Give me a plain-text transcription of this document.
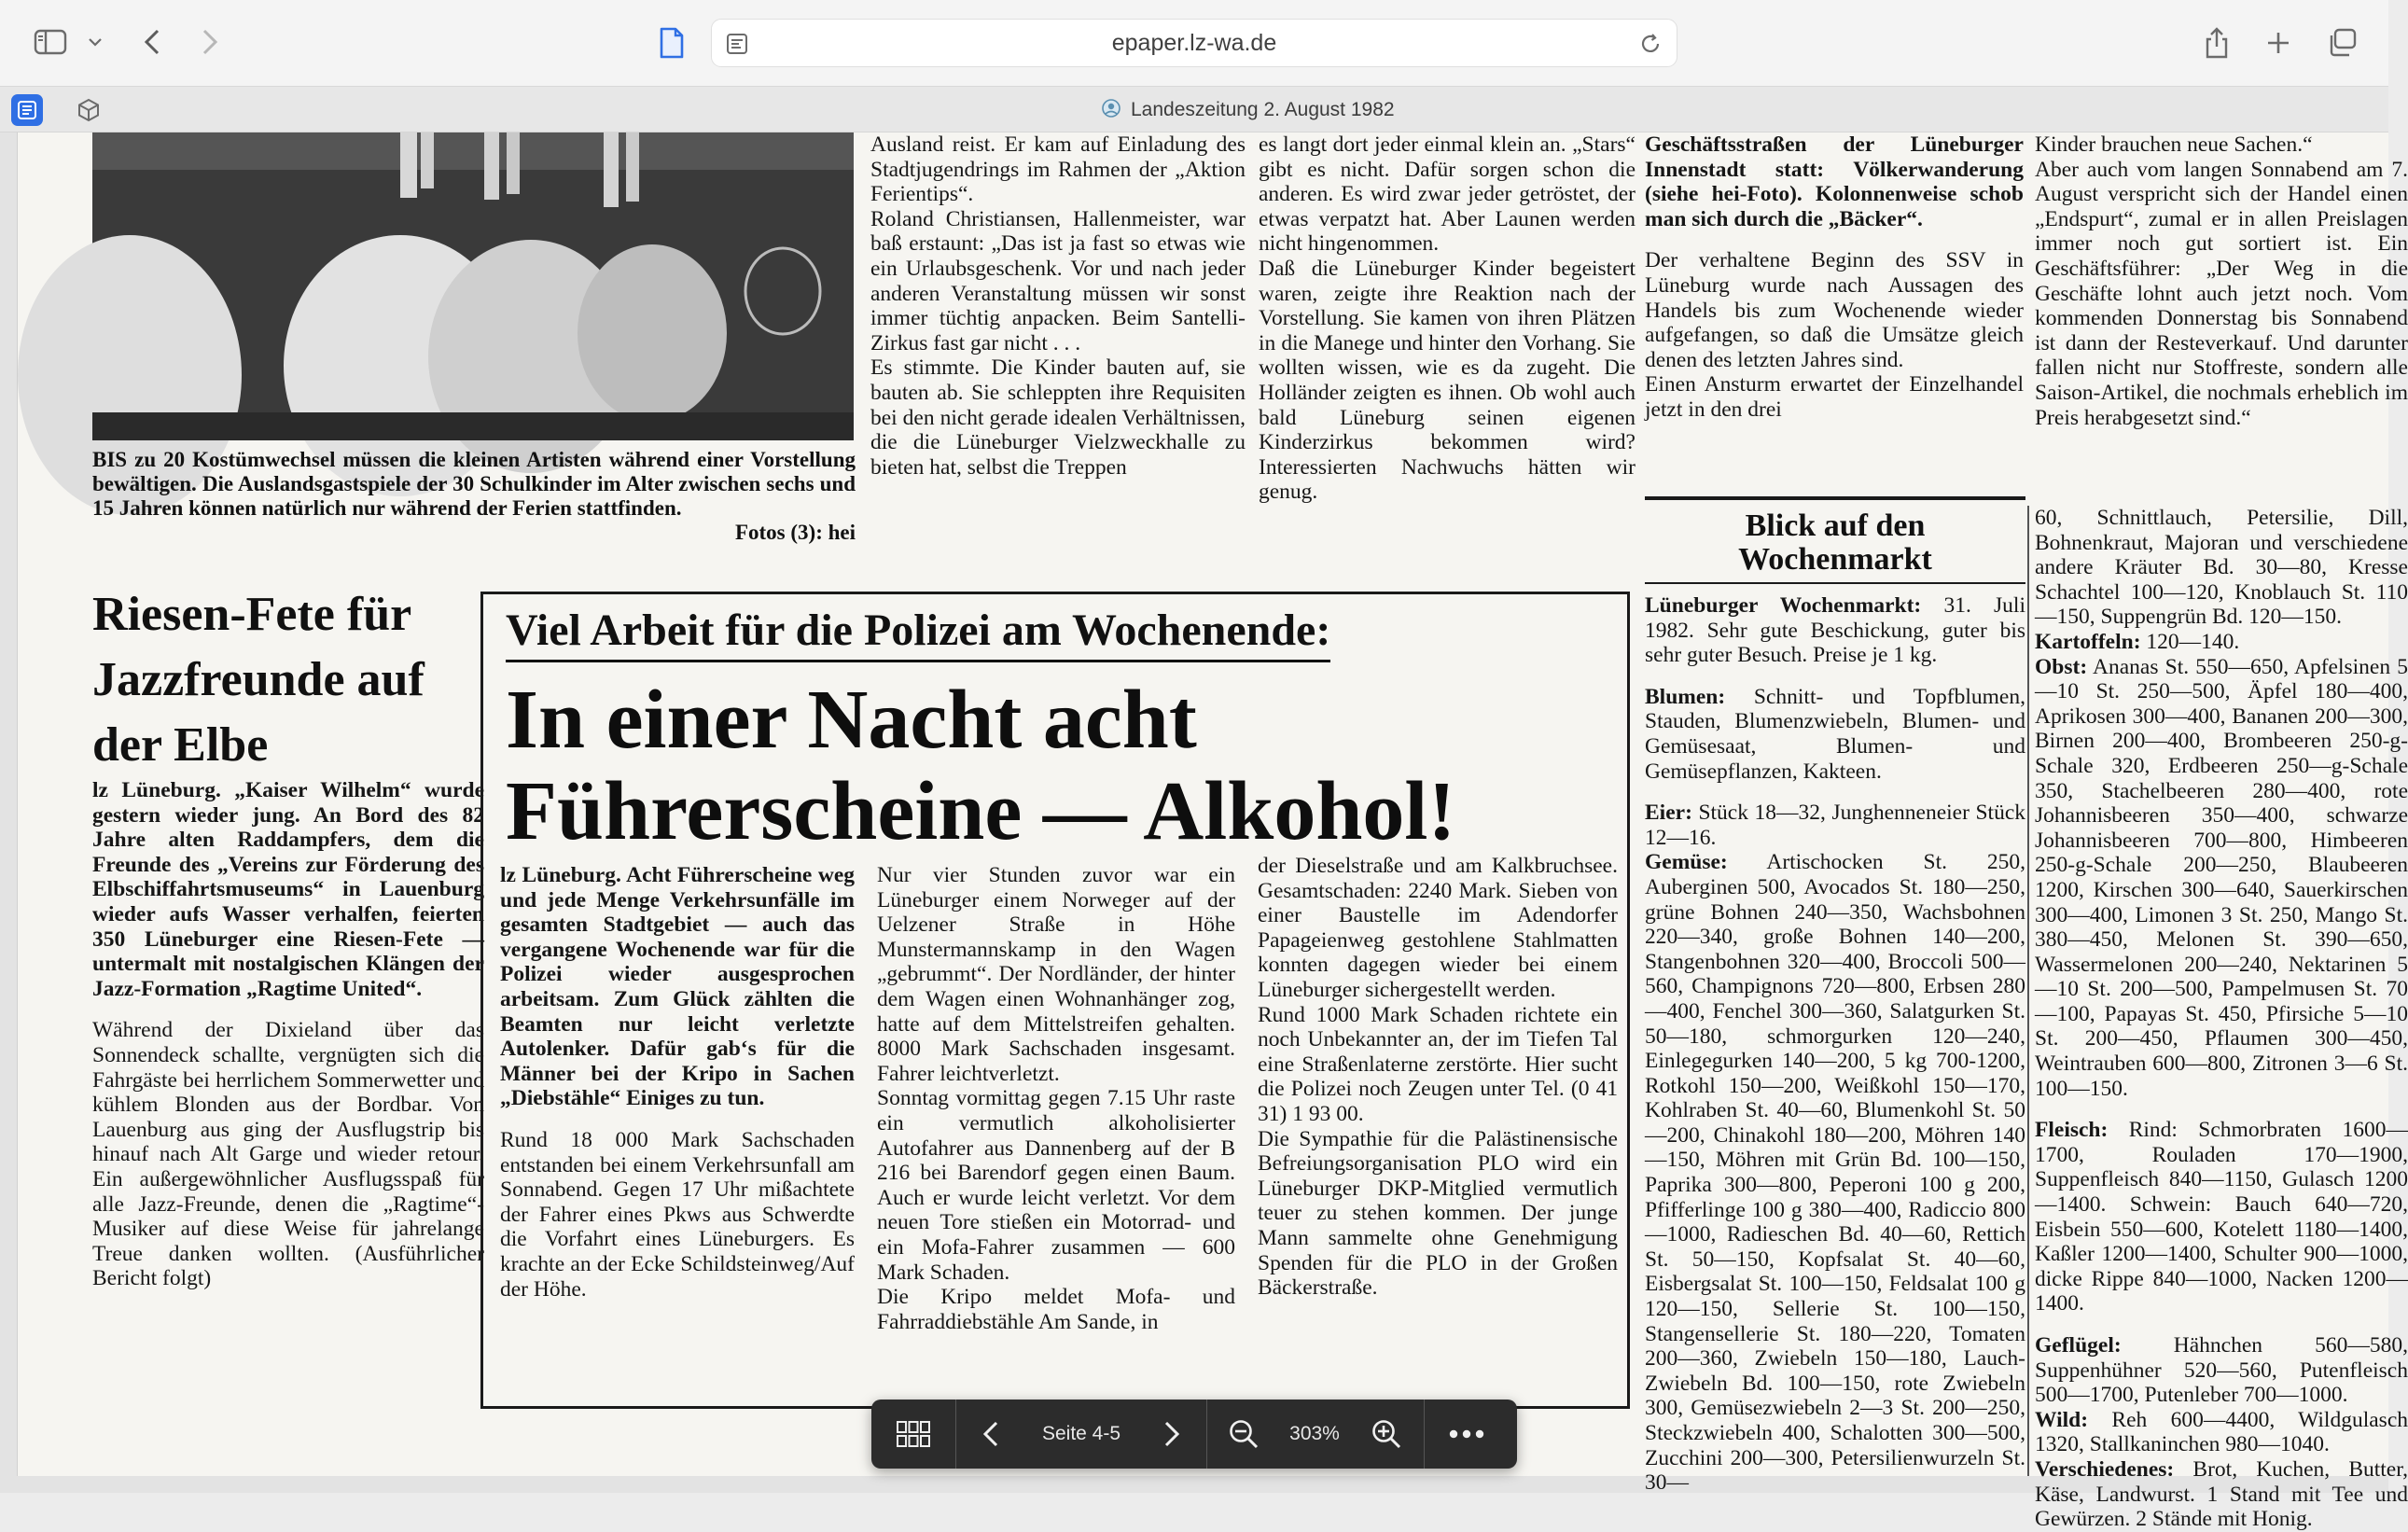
epaper.lz-wa.de
Landeszeitung 2. August 1982
BIS zu 20 Kostümwechsel müssen die kleinen Artisten während einer Vorstellung bewältigen. Die Auslandsgastspiele der 30 Schulkinder im Alter zwischen sechs und 15 Jahren können natürlich nur während der Ferien stattfinden.
Fotos (3): hei

Ausland reist. Er kam auf Einladung des Stadtjugendrings im Rahmen der „Aktion Ferientips“.

Roland Christiansen, Hallenmeister, war baß erstaunt: „Das ist ja fast so etwas wie ein Urlaubsgeschenk. Vor und nach jeder anderen Veranstaltung müssen wir sonst immer tüchtig anpacken. Beim Santelli-Zirkus fast gar nicht . . .

Es stimmte. Die Kinder bauten auf, sie bauten ab. Sie schleppten ihre Requisiten bei den nicht gerade idealen Verhältnissen, die die Lüneburger Vielzweckhalle zu bieten hat, selbst die Treppen

es langt dort jeder einmal klein an. „Stars“ gibt es nicht. Dafür sorgen schon die anderen. Es wird zwar jeder getröstet, der etwas verpatzt hat. Aber Launen werden nicht hingenommen.

Daß die Lüneburger Kinder begeistert waren, zeigte ihre Reaktion nach der Vorstellung. Sie kamen von ihren Plätzen in die Manege und hinter den Vorhang. Sie wollten wissen, wie es da zugeht. Die Holländer zeigten es ihnen. Ob wohl auch bald Lüneburg seinen eigenen Kinderzirkus bekommen wird? Interessierten Nachwuchs hätten wir genug.

Geschäftsstraßen der Lüneburger Innenstadt statt: Völkerwanderung (siehe hei-Foto). Kolonnenweise schob man sich durch die „Bäcker“.

Der verhaltene Beginn des SSV in Lüneburg wurde nach Aussagen des Handels bis zum Wochenende wieder aufgefangen, so daß die Umsätze gleich denen des letzten Jahres sind.

Einen Ansturm erwartet der Einzelhandel jetzt in den drei

Kinder brauchen neue Sachen.“

Aber auch vom langen Sonnabend am 7. August verspricht sich der Handel einen „Endspurt“, zumal er in allen Preislagen immer noch gut sortiert ist. Ein Geschäftsführer: „Der Weg in die Geschäfte lohnt auch jetzt noch. Vom kommenden Donnerstag bis Sonnabend ist dann der Resteverkauf. Und darunter fallen nicht nur Stoffreste, sondern alle Saison-Artikel, die nochmals erheblich im Preis herabgesetzt sind.“

Riesen-Fete für Jazzfreunde auf der Elbe

lz Lüneburg. „Kaiser Wilhelm“ wurde gestern wieder jung. An Bord des 82 Jahre alten Raddampfers, dem die Freunde des „Vereins zur Förderung des Elbschiffahrtsmuseums“ in Lauenburg wieder aufs Wasser verhalfen, feierten 350 Lüneburger eine Riesen-Fete — untermalt mit nostalgischen Klängen der Jazz-Formation „Ragtime United“.

Während der Dixieland über das Sonnendeck schallte, vergnügten sich die Fahrgäste bei herrlichem Sommerwetter und kühlem Blonden aus der Bordbar. Von Lauenburg aus ging der Ausflugstrip bis hinauf nach Alt Garge und wieder retour. Ein außergewöhnlicher Ausflugsspaß für alle Jazz-Freunde, denen die „Ragtime“-Musiker auf diese Weise für jahrelange Treue danken wollten. (Ausführlicher Bericht folgt)

Viel Arbeit für die Polizei am Wochenende:
In einer Nacht acht
Führerscheine — Alkohol!

lz Lüneburg. Acht Führerscheine weg und jede Menge Verkehrsunfälle im gesamten Stadtgebiet — auch das vergangene Wochenende war für die Polizei wieder ausgesprochen arbeitsam. Zum Glück zählten die Beamten nur leicht verletzte Autolenker. Dafür gab‘s für die Männer bei der Kripo in Sachen „Diebstähle“ Einiges zu tun.

Rund 18 000 Mark Sachschaden entstanden bei einem Verkehrsunfall am Sonnabend. Gegen 17 Uhr mißachtete der Fahrer eines Pkws aus Schwerdte die Vorfahrt eines Lüneburgers. Es krachte an der Ecke Schildsteinweg/Auf der Höhe.

Nur vier Stunden zuvor war ein Lüneburger einem Norweger auf der Uelzener Straße in Höhe Munstermannskamp in den Wagen „gebrummt“. Der Nordländer, der hinter dem Wagen einen Wohnanhänger zog, hatte auf dem Mittelstreifen gehalten. 8000 Mark Sachschaden insgesamt. Fahrer leichtverletzt.

Sonntag vormittag gegen 7.15 Uhr raste ein vermutlich alkoholisierter Autofahrer aus Dannenberg auf der B 216 bei Barendorf gegen einen Baum. Auch er wurde leicht verletzt. Vor dem neuen Tore stießen ein Motorrad- und ein Mofa-Fahrer zusammen — 600 Mark Schaden.

Die Kripo meldet Mofa- und Fahrraddiebstähle Am Sande, in

der Dieselstraße und am Kalkbruchsee. Gesamtschaden: 2240 Mark. Sieben von einer Baustelle im Adendorfer Papageienweg gestohlene Stahlmatten konnten dagegen wieder bei einem Lüneburger sichergestellt werden.

Rund 1000 Mark Schaden richtete ein noch Unbekannter an, der im Tiefen Tal eine Straßenlaterne zerstörte. Hier sucht die Polizei noch Zeugen unter Tel. (0 41 31) 1 93 00.

Die Sympathie für die Palästinensische Befreiungsorganisation PLO wird ein Lüneburger DKP-Mitglied vermutlich teuer zu stehen kommen. Der junge Mann sammelte ohne Genehmigung Spenden für die PLO in der Großen Bäckerstraße.

Blick auf den Wochenmarkt

Lüneburger Wochenmarkt: 31. Juli 1982. Sehr gute Beschickung, guter bis sehr guter Besuch. Preise je 1 kg.

Blumen: Schnitt- und Topfblumen, Stauden, Blumenzwiebeln, Blumen- und Gemüsesaat, Blumen- und Gemüsepflanzen, Kakteen.

Eier: Stück 18—32, Junghenneneier Stück 12—16.

Gemüse: Artischocken St. 250, Auberginen 500, Avocados St. 180—250, grüne Bohnen 240—350, Wachsbohnen 220—340, große Bohnen 140—200, Stangenbohnen 320—400, Broccoli 500—560, Champignons 720—800, Erbsen 280—400, Fenchel 300—360, Salatgurken St. 50—180, schmorgurken 120—240, Einlegegurken 140—200, 5 kg 700-1200, Rotkohl 150—200, Weißkohl 150—170, Kohlraben St. 40—60, Blumenkohl St. 50—200, Chinakohl 180—200, Möhren 140—150, Möhren mit Grün Bd. 100—150, Paprika 300—800, Peperoni 100 g 200, Pfifferlinge 100 g 380—400, Radiccio 800—1000, Radieschen Bd. 40—60, Rettich St. 50—150, Kopfsalat St. 40—60, Eisbergsalat St. 100—150, Feldsalat 100 g 120—150, Sellerie St. 100—150, Stangensellerie St. 180—220, Tomaten 200—360, Zwiebeln 150—180, Lauch-Zwiebeln Bd. 100—150, rote Zwiebeln 300, Gemüsezwiebeln 2—3 St. 200—250, Steckzwiebeln 400, Schalotten 300—500, Zucchini 200—300, Petersilienwurzeln St. 30—

60, Schnittlauch, Petersilie, Dill, Bohnenkraut, Majoran und verschiedene andere Kräuter Bd. 30—80, Kresse Schachtel 100—120, Knoblauch St. 110—150, Suppengrün Bd. 120—150.

Kartoffeln: 120—140.

Obst: Ananas St. 550—650, Apfelsinen 5—10 St. 250—500, Äpfel 180—400, Aprikosen 300—400, Bananen 200—300, Birnen 200—400, Brombeeren 250-g-Schale 320, Erdbeeren 250—g-Schale 350, Stachelbeeren 280—400, rote Johannisbeeren 350—400, schwarze Johannisbeeren 700—800, Himbeeren 250-g-Schale 200—250, Blaubeeren 1200, Kirschen 300—640, Sauerkirschen 300—400, Limonen 3 St. 250, Mango St. 380—450, Melonen St. 390—650, Wassermelonen 200—240, Nektarinen 5—10 St. 200—500, Pampelmusen St. 70—100, Papayas St. 450, Pfirsiche 5—10 St. 200—450, Pflaumen 300—450, Weintrauben 600—800, Zitronen 3—6 St. 100—150.

Fleisch: Rind: Schmorbraten 1600—1700, Rouladen 170—1900, Suppenfleisch 840—1150, Gulasch 1200—1400. Schwein: Bauch 640—720, Eisbein 550—600, Kotelett 1180—1400, Kaßler 1200—1400, Schulter 900—1000, dicke Rippe 840—1000, Nacken 1200—1400.

Geflügel: Hähnchen 560—580, Suppenhühner 520—560, Putenfleisch 500—1700, Putenleber 700—1000.

Wild: Reh 600—4400, Wildgulasch 1320, Stallkaninchen 980—1040.

Verschiedenes: Brot, Kuchen, Butter, Käse, Landwurst. 1 Stand mit Tee und Gewürzen. 2 Stände mit Honig.

Seite 4-5	303%
